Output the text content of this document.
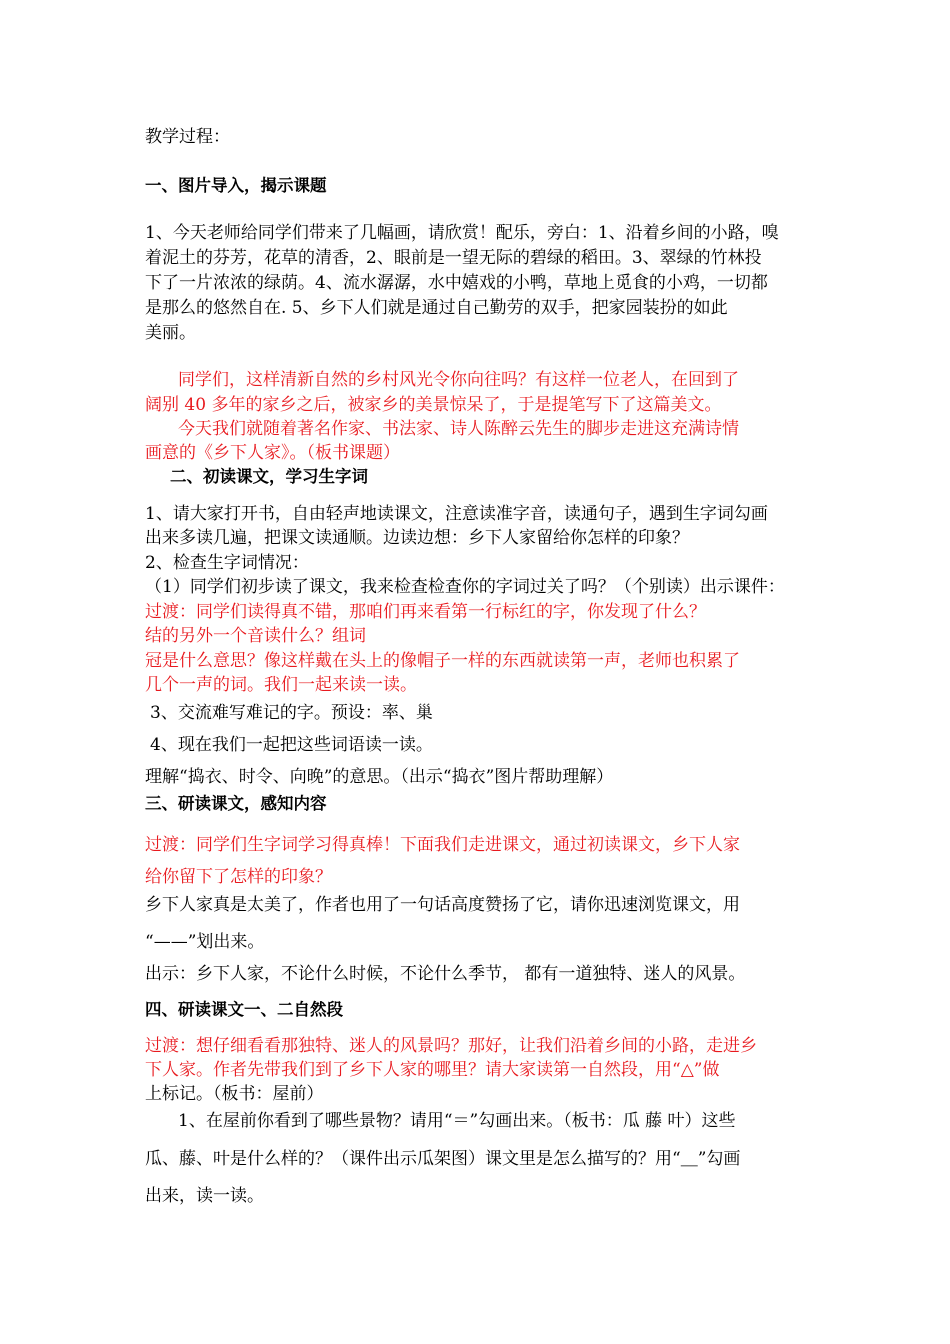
教学过程：
一、图片导入，揭示课题
1、今天老师给同学们带来了几幅画，请欣赏！配乐，旁白：1、沿着乡间的小路，嗅
着泥土的芬芳，花草的清香，2、眼前是一望无际的碧绿的稻田。3、翠绿的竹林投
下了一片浓浓的绿荫。4、流水潺潺，水中嬉戏的小鸭，草地上觅食的小鸡，一切都
是那么的悠然自在. 5、乡下人们就是通过自己勤劳的双手，把家园装扮的如此
美丽。
同学们，这样清新自然的乡村风光令你向往吗？有这样一位老人，在回到了
阔别 40 多年的家乡之后，被家乡的美景惊呆了，于是提笔写下了这篇美文。
今天我们就随着著名作家、书法家、诗人陈醉云先生的脚步走进这充满诗情
画意的《乡下人家》。（板书课题）
二、初读课文，学习生字词
1、请大家打开书，自由轻声地读课文，注意读准字音，读通句子，遇到生字词勾画
出来多读几遍，把课文读通顺。边读边想：乡下人家留给你怎样的印象？
2、检查生字词情况：
（1）同学们初步读了课文，我来检查检查你的字词过关了吗？（个别读）出示课件：
过渡：同学们读得真不错，那咱们再来看第一行标红的字，你发现了什么？
结的另外一个音读什么？组词
冠是什么意思？像这样戴在头上的像帽子一样的东西就读第一声，老师也积累了
几个一声的词。我们一起来读一读。
3、交流难写难记的字。预设：率、巢
4、现在我们一起把这些词语读一读。
理解“捣衣、时令、向晚”的意思。（出示“捣衣”图片帮助理解）
三、研读课文，感知内容
过渡：同学们生字词学习得真棒！下面我们走进课文，通过初读课文，乡下人家
给你留下了怎样的印象？
乡下人家真是太美了，作者也用了一句话高度赞扬了它，请你迅速浏览课文，用
“——”划出来。
出示：乡下人家，不论什么时候，不论什么季节， 都有一道独特、迷人的风景。
四、研读课文一、二自然段
过渡：想仔细看看那独特、迷人的风景吗？那好，让我们沿着乡间的小路，走进乡
下人家。作者先带我们到了乡下人家的哪里？请大家读第一自然段，用“△”做
上标记。（板书：屋前）
1、在屋前你看到了哪些景物？请用“＝”勾画出来。（板书：瓜 藤 叶）这些
瓜、藤、叶是什么样的？（课件出示瓜架图）课文里是怎么描写的？用“＿”勾画
出来，读一读。
